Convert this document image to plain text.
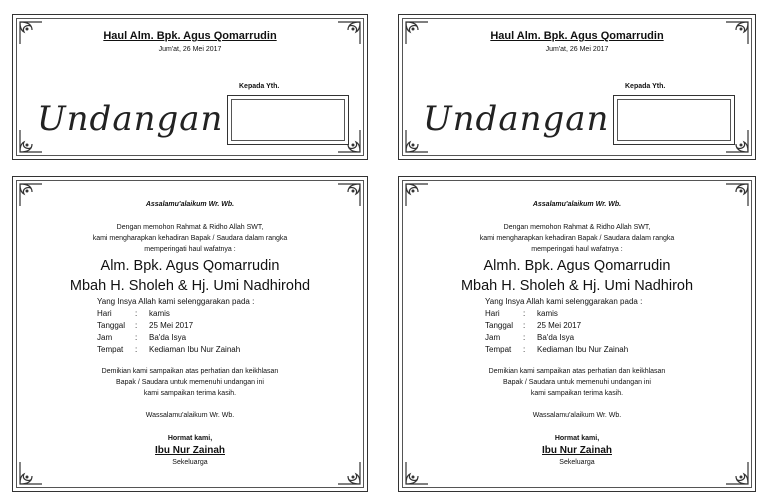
Haul Alm. Bpk. Agus Qomarrudin
Jum'at, 26 Mei 2017
Kepada Yth.
Undangan
Haul Alm. Bpk. Agus Qomarrudin
Jum'at, 26 Mei 2017
Kepada Yth.
Undangan
Assalamu'alaikum Wr. Wb.
Dengan memohon Rahmat & Ridho Allah SWT,
kami mengharapkan kehadiran Bapak / Saudara dalam rangka
memperingati haul wafatnya :
Alm. Bpk. Agus Qomarrudin
Mbah H. Sholeh & Hj. Umi Nadhirohd
Yang Insya Allah kami selenggarakan pada :
Hari	:	kamis
Tanggal	:	25 Mei 2017
Jam	:	Ba'da Isya
Tempat	:	Kediaman Ibu Nur Zainah
Demikian kami sampaikan atas perhatian dan keikhlasan
Bapak / Saudara untuk memenuhi undangan ini
kami sampaikan terima kasih.
Wassalamu'alaikum Wr. Wb.
Hormat kami,
Ibu Nur Zainah
Sekeluarga
Assalamu'alaikum Wr. Wb.
Dengan memohon Rahmat & Ridho Allah SWT,
kami mengharapkan kehadiran Bapak / Saudara dalam rangka
memperingati haul wafatnya :
Almh. Bpk. Agus Qomarrudin
Mbah H. Sholeh & Hj. Umi Nadhiroh
Yang Insya Allah kami selenggarakan pada :
Hari	:	kamis
Tanggal	:	25 Mei 2017
Jam	:	Ba'da Isya
Tempat	:	Kediaman Ibu Nur Zainah
Demikian kami sampaikan atas perhatian dan keikhlasan
Bapak / Saudara untuk memenuhi undangan ini
kami sampaikan terima kasih.
Wassalamu'alaikum Wr. Wb.
Hormat kami,
Ibu Nur Zainah
Sekeluarga
